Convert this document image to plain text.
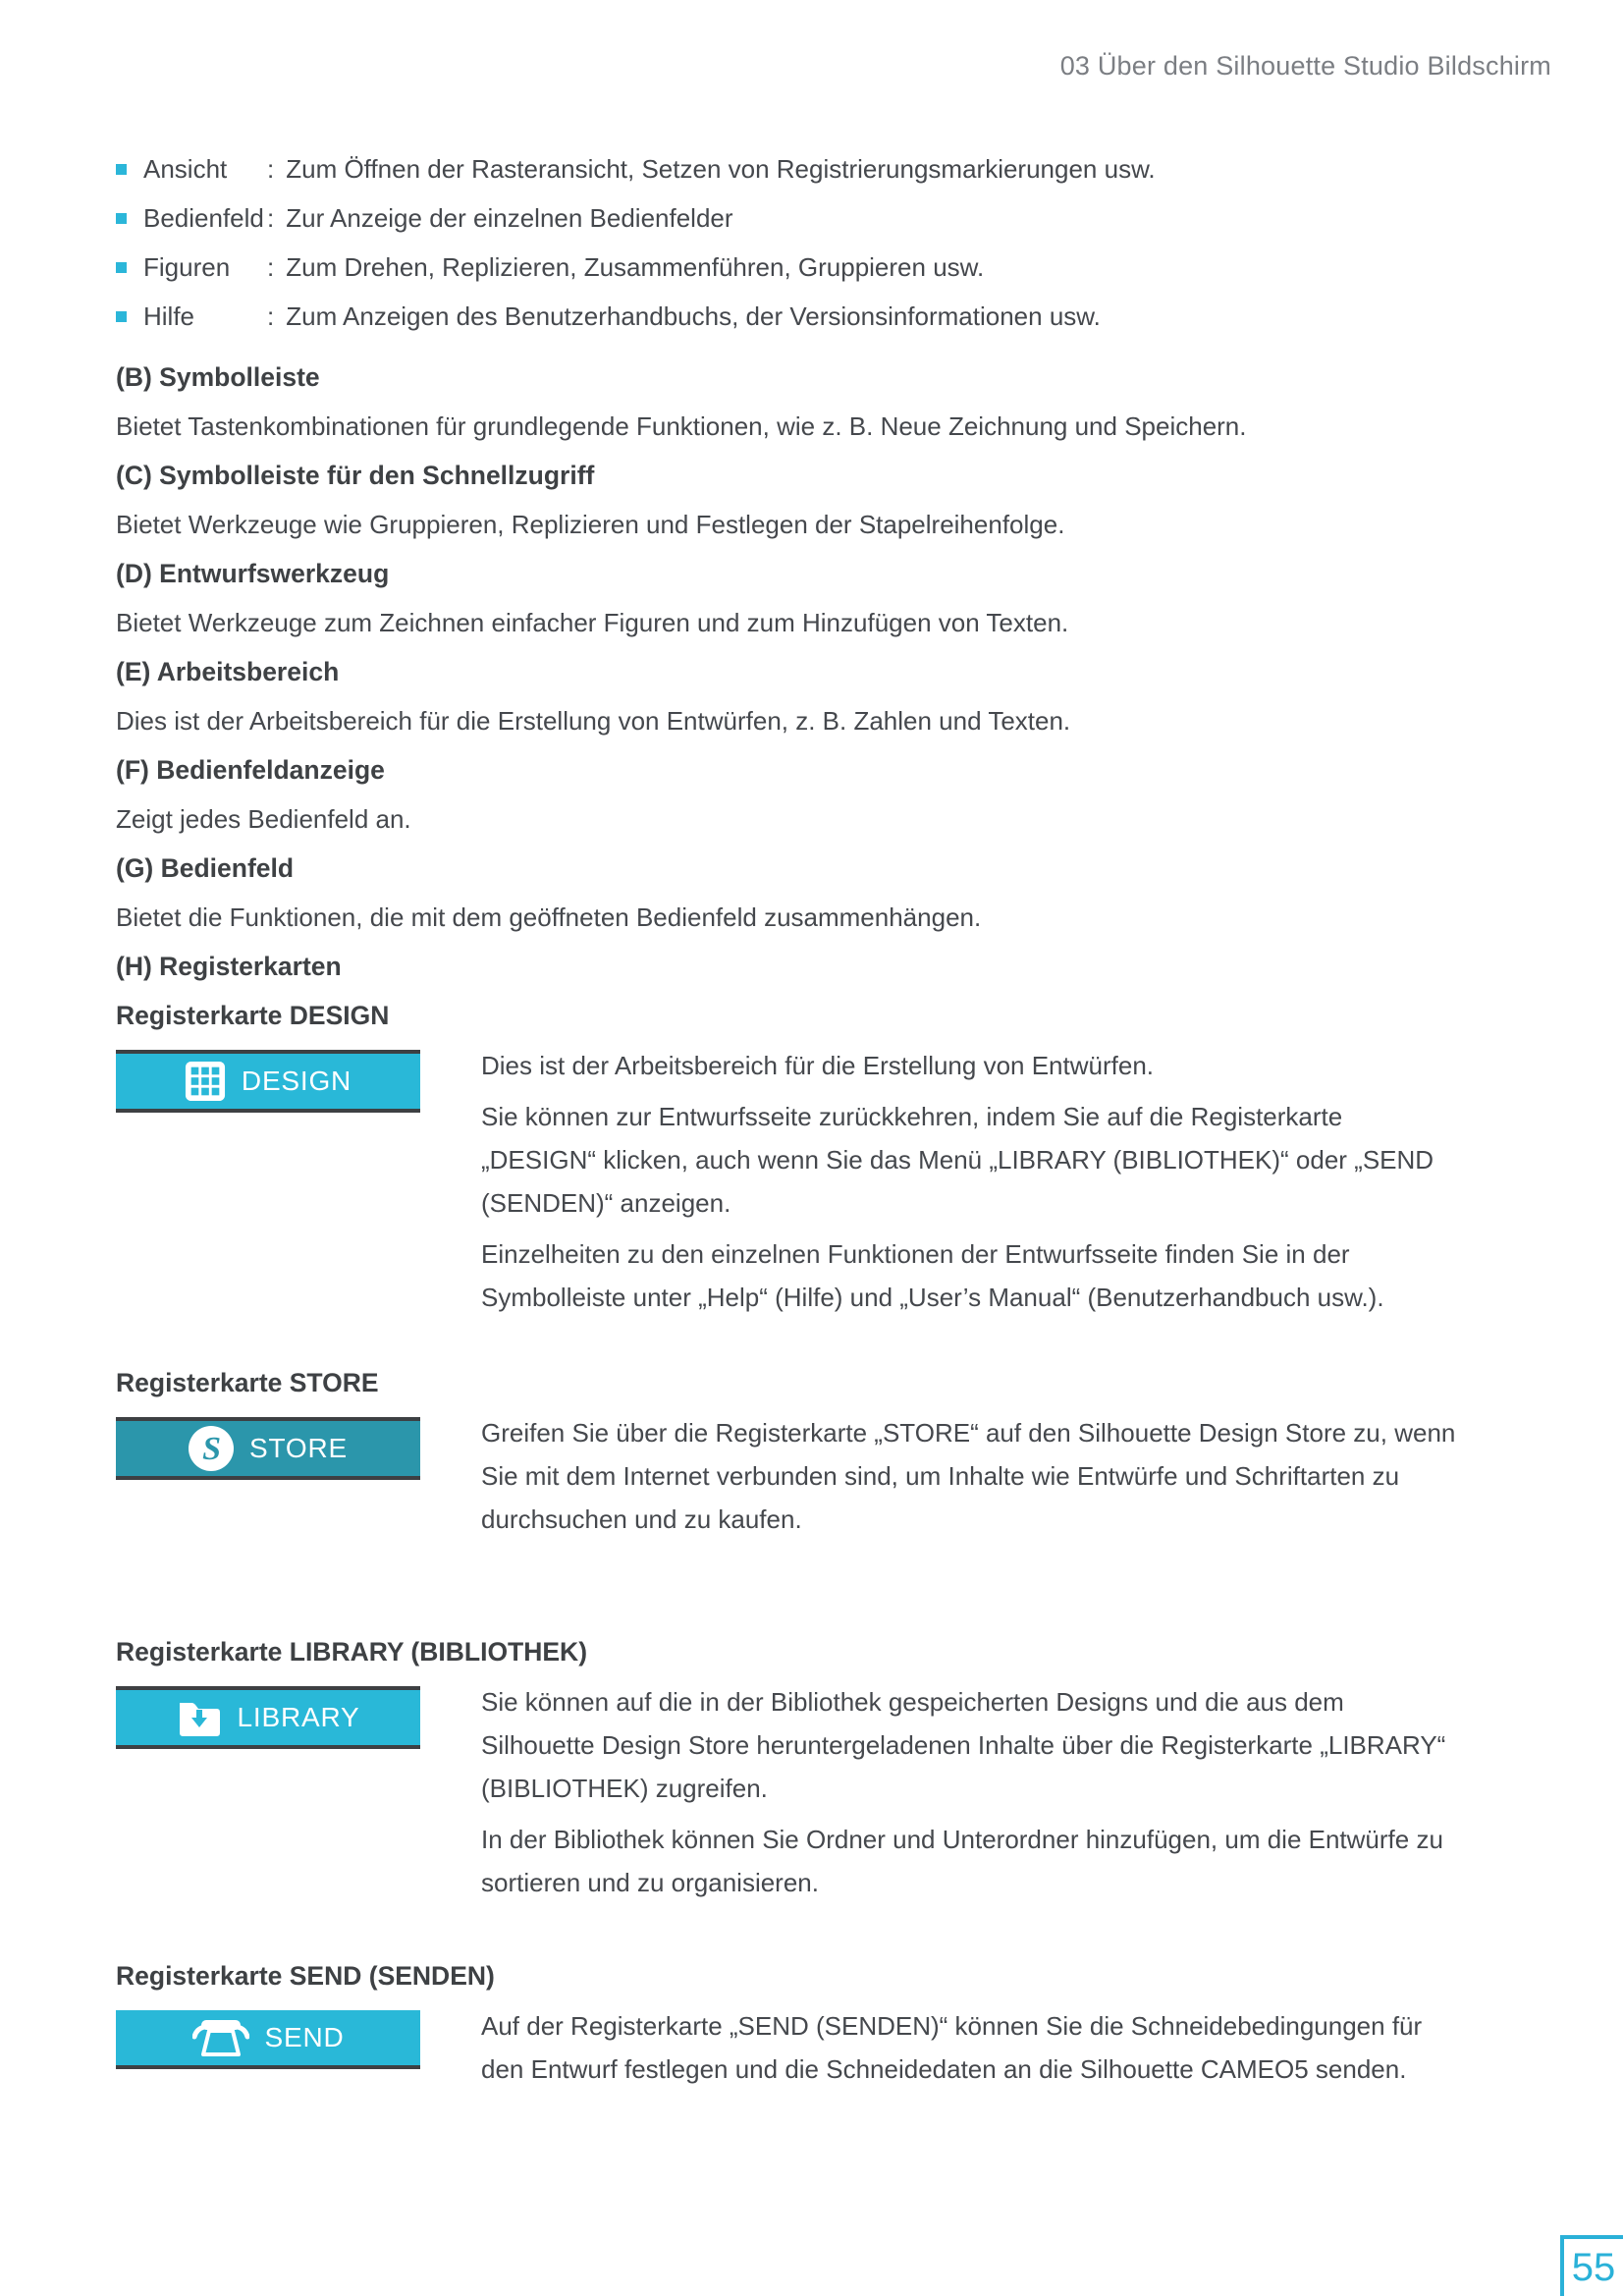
03 Über den Silhouette Studio Bildschirm
Ansicht	: Zum Öffnen der Rasteransicht, Setzen von Registrierungsmarkierungen usw.
Bedienfeld : Zur Anzeige der einzelnen Bedienfelder
Figuren	: Zum Drehen, Replizieren, Zusammenführen, Gruppieren usw.
Hilfe	: Zum Anzeigen des Benutzerhandbuchs, der Versionsinformationen usw.
(B) Symbolleiste

Bietet Tastenkombinationen für grundlegende Funktionen, wie z. B. Neue Zeichnung und Speichern.

(C) Symbolleiste für den Schnellzugriff

Bietet Werkzeuge wie Gruppieren, Replizieren und Festlegen der Stapelreihenfolge.

(D) Entwurfswerkzeug

Bietet Werkzeuge zum Zeichnen einfacher Figuren und zum Hinzufügen von Texten.

(E) Arbeitsbereich

Dies ist der Arbeitsbereich für die Erstellung von Entwürfen, z. B. Zahlen und Texten.

(F) Bedienfeldanzeige

Zeigt jedes Bedienfeld an.

(G) Bedienfeld

Bietet die Funktionen, die mit dem geöffneten Bedienfeld zusammenhängen.

(H) Registerkarten
Registerkarte DESIGN
DESIGN	Dies ist der Arbeitsbereich für die Erstellung von Entwürfen.

Sie können zur Entwurfsseite zurückkehren, indem Sie auf die Registerkarte „DESIGN“ klicken, auch wenn Sie das Menü „LIBRARY (BIBLIOTHEK)“ oder „SEND (SENDEN)“ anzeigen.

Einzelheiten zu den einzelnen Funktionen der Entwurfsseite finden Sie in der Symbolleiste unter „Help“ (Hilfe) und „User’s Manual“ (Benutzerhandbuch usw.).

Registerkarte STORE
S STORE	Greifen Sie über die Registerkarte „STORE“ auf den Silhouette Design Store zu, wenn Sie mit dem Internet verbunden sind, um Inhalte wie Entwürfe und Schriftarten zu durchsuchen und zu kaufen.

Registerkarte LIBRARY (BIBLIOTHEK)
LIBRARY	Sie können auf die in der Bibliothek gespeicherten Designs und die aus dem Silhouette Design Store heruntergeladenen Inhalte über die Registerkarte „LIBRARY“ (BIBLIOTHEK) zugreifen.

In der Bibliothek können Sie Ordner und Unterordner hinzufügen, um die Entwürfe zu sortieren und zu organisieren.

Registerkarte SEND (SENDEN)
SEND	Auf der Registerkarte „SEND (SENDEN)“ können Sie die Schneidebedingungen für den Entwurf festlegen und die Schneidedaten an die Silhouette CAMEO5 senden.

55
